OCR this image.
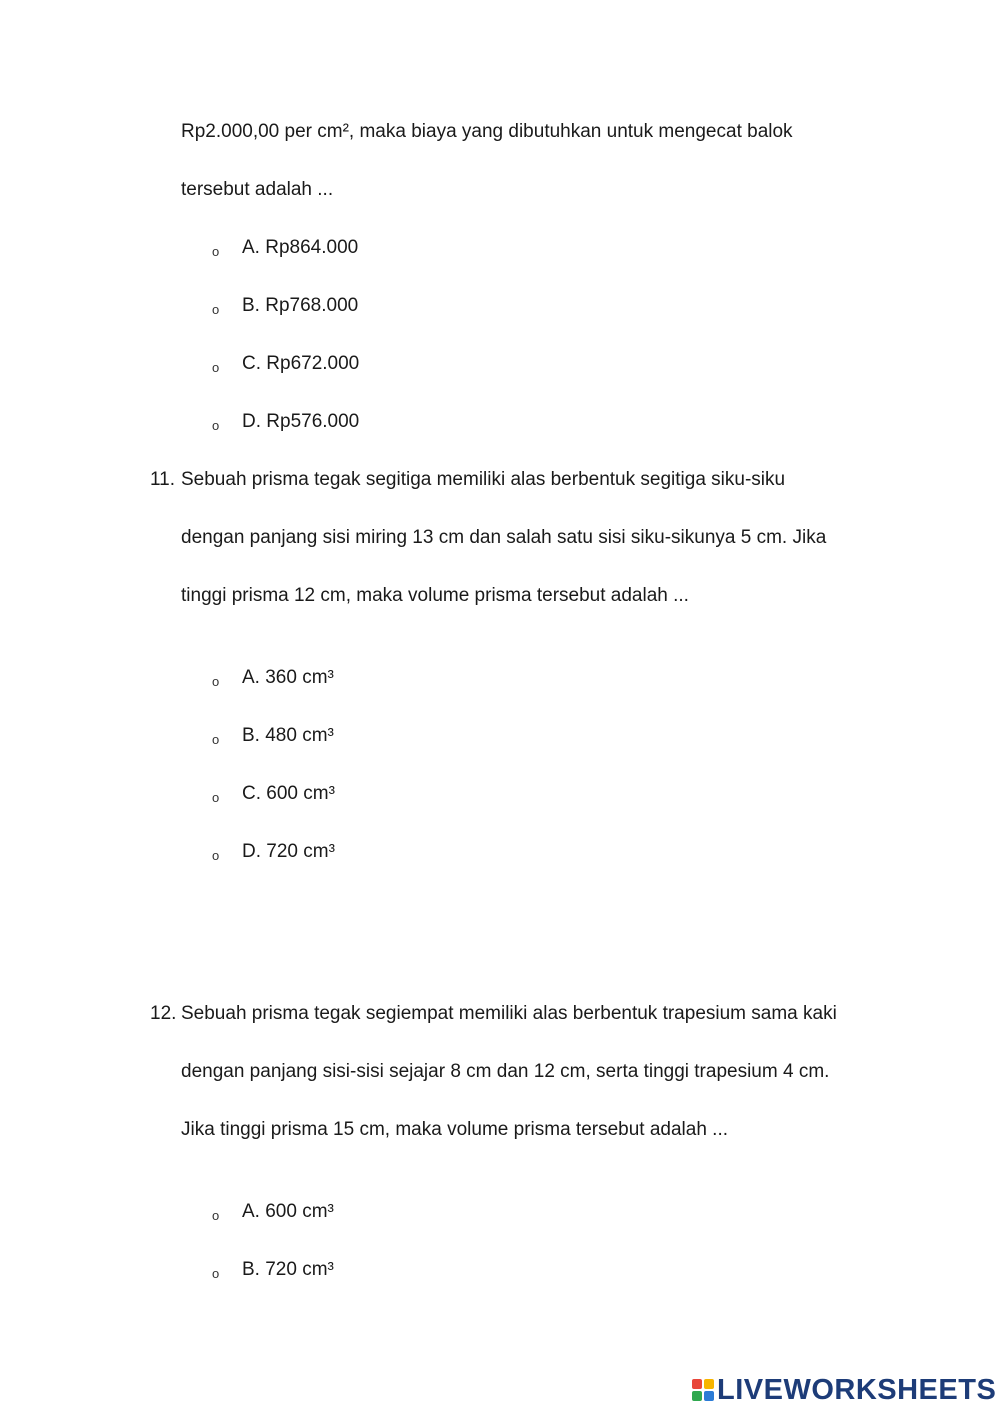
Rp2.000,00 per cm², maka biaya yang dibutuhkan untuk mengecat balok
tersebut adalah ...
o A. Rp864.000
o B. Rp768.000
o C. Rp672.000
o D. Rp576.000
11. Sebuah prisma tegak segitiga memiliki alas berbentuk segitiga siku-siku
dengan panjang sisi miring 13 cm dan salah satu sisi siku-sikunya 5 cm. Jika
tinggi prisma 12 cm, maka volume prisma tersebut adalah ...
o A. 360 cm³
o B. 480 cm³
o C. 600 cm³
o D. 720 cm³
12. Sebuah prisma tegak segiempat memiliki alas berbentuk trapesium sama kaki
dengan panjang sisi-sisi sejajar 8 cm dan 12 cm, serta tinggi trapesium 4 cm.
Jika tinggi prisma 15 cm, maka volume prisma tersebut adalah ...
o A. 600 cm³
o B. 720 cm³
LIVEWORKSHEETS
